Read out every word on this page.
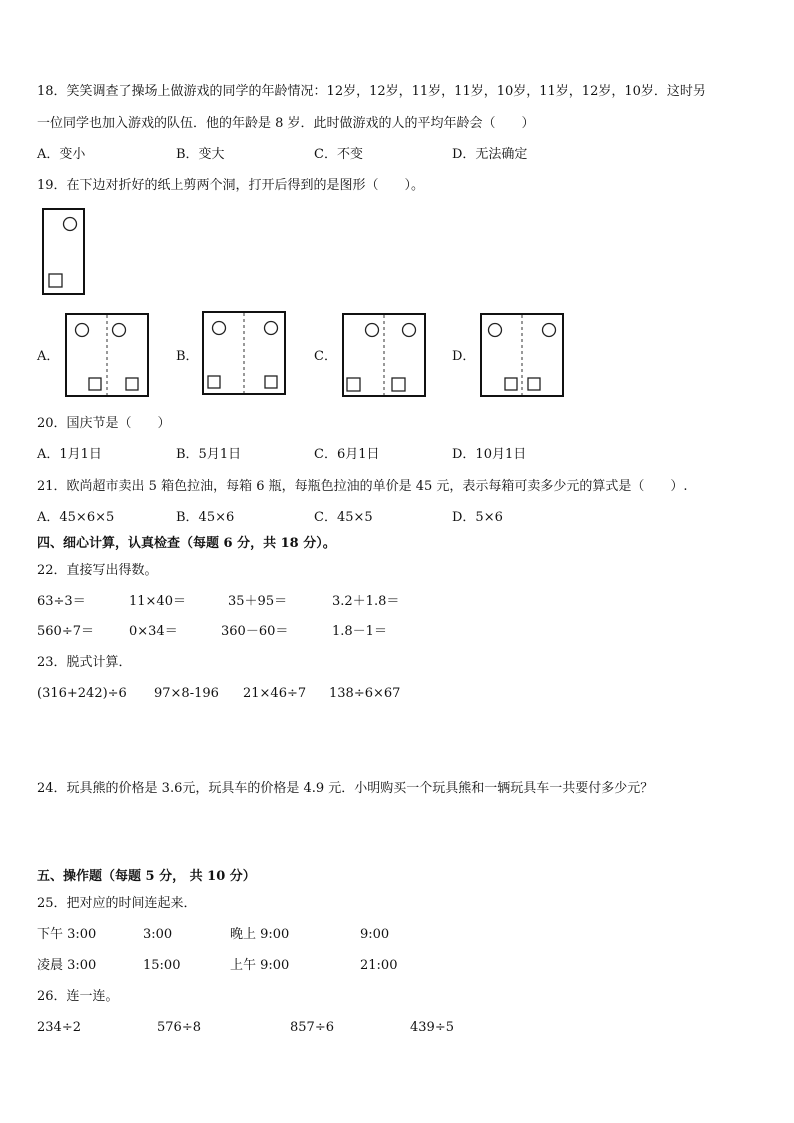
18．笑笑调查了操场上做游戏的同学的年龄情况：12岁，12岁，11岁，11岁，10岁，11岁，12岁，10岁．这时另
一位同学也加入游戏的队伍．他的年龄是 8 岁．此时做游戏的人的平均年龄会（　　）
A．变小	B．变大	C．不变	D．无法确定
19．在下边对折好的纸上剪两个洞，打开后得到的是图形（　　）。
A．	B．	C．	D．
20．国庆节是（　　）
A．1月1日	B．5月1日	C．6月1日	D．10月1日
21．欧尚超市卖出 5 箱色拉油，每箱 6 瓶，每瓶色拉油的单价是 45 元，表示每箱可卖多少元的算式是（　　）.
A．45×6×5	B．45×6	C．45×5	D．5×6
四、细心计算，认真检查（每题 6 分，共 18 分）。
22．直接写出得数。
63÷3＝	11×40＝	35＋95＝	3.2＋1.8＝
560÷7＝	0×34＝	360－60＝	1.8－1＝
23．脱式计算．
(316+242)÷6 97×8-196 21×46÷7 138÷6×67
24．玩具熊的价格是 3.6元，玩具车的价格是 4.9 元．小明购买一个玩具熊和一辆玩具车一共要付多少元？
五、操作题（每题 5 分， 共 10 分）
25．把对应的时间连起来．
下午 3:00	3:00	晚上 9:00	9:00
凌晨 3:00	15:00	上午 9:00	21:00
26．连一连。
234÷2	576÷8	857÷6	439÷5
